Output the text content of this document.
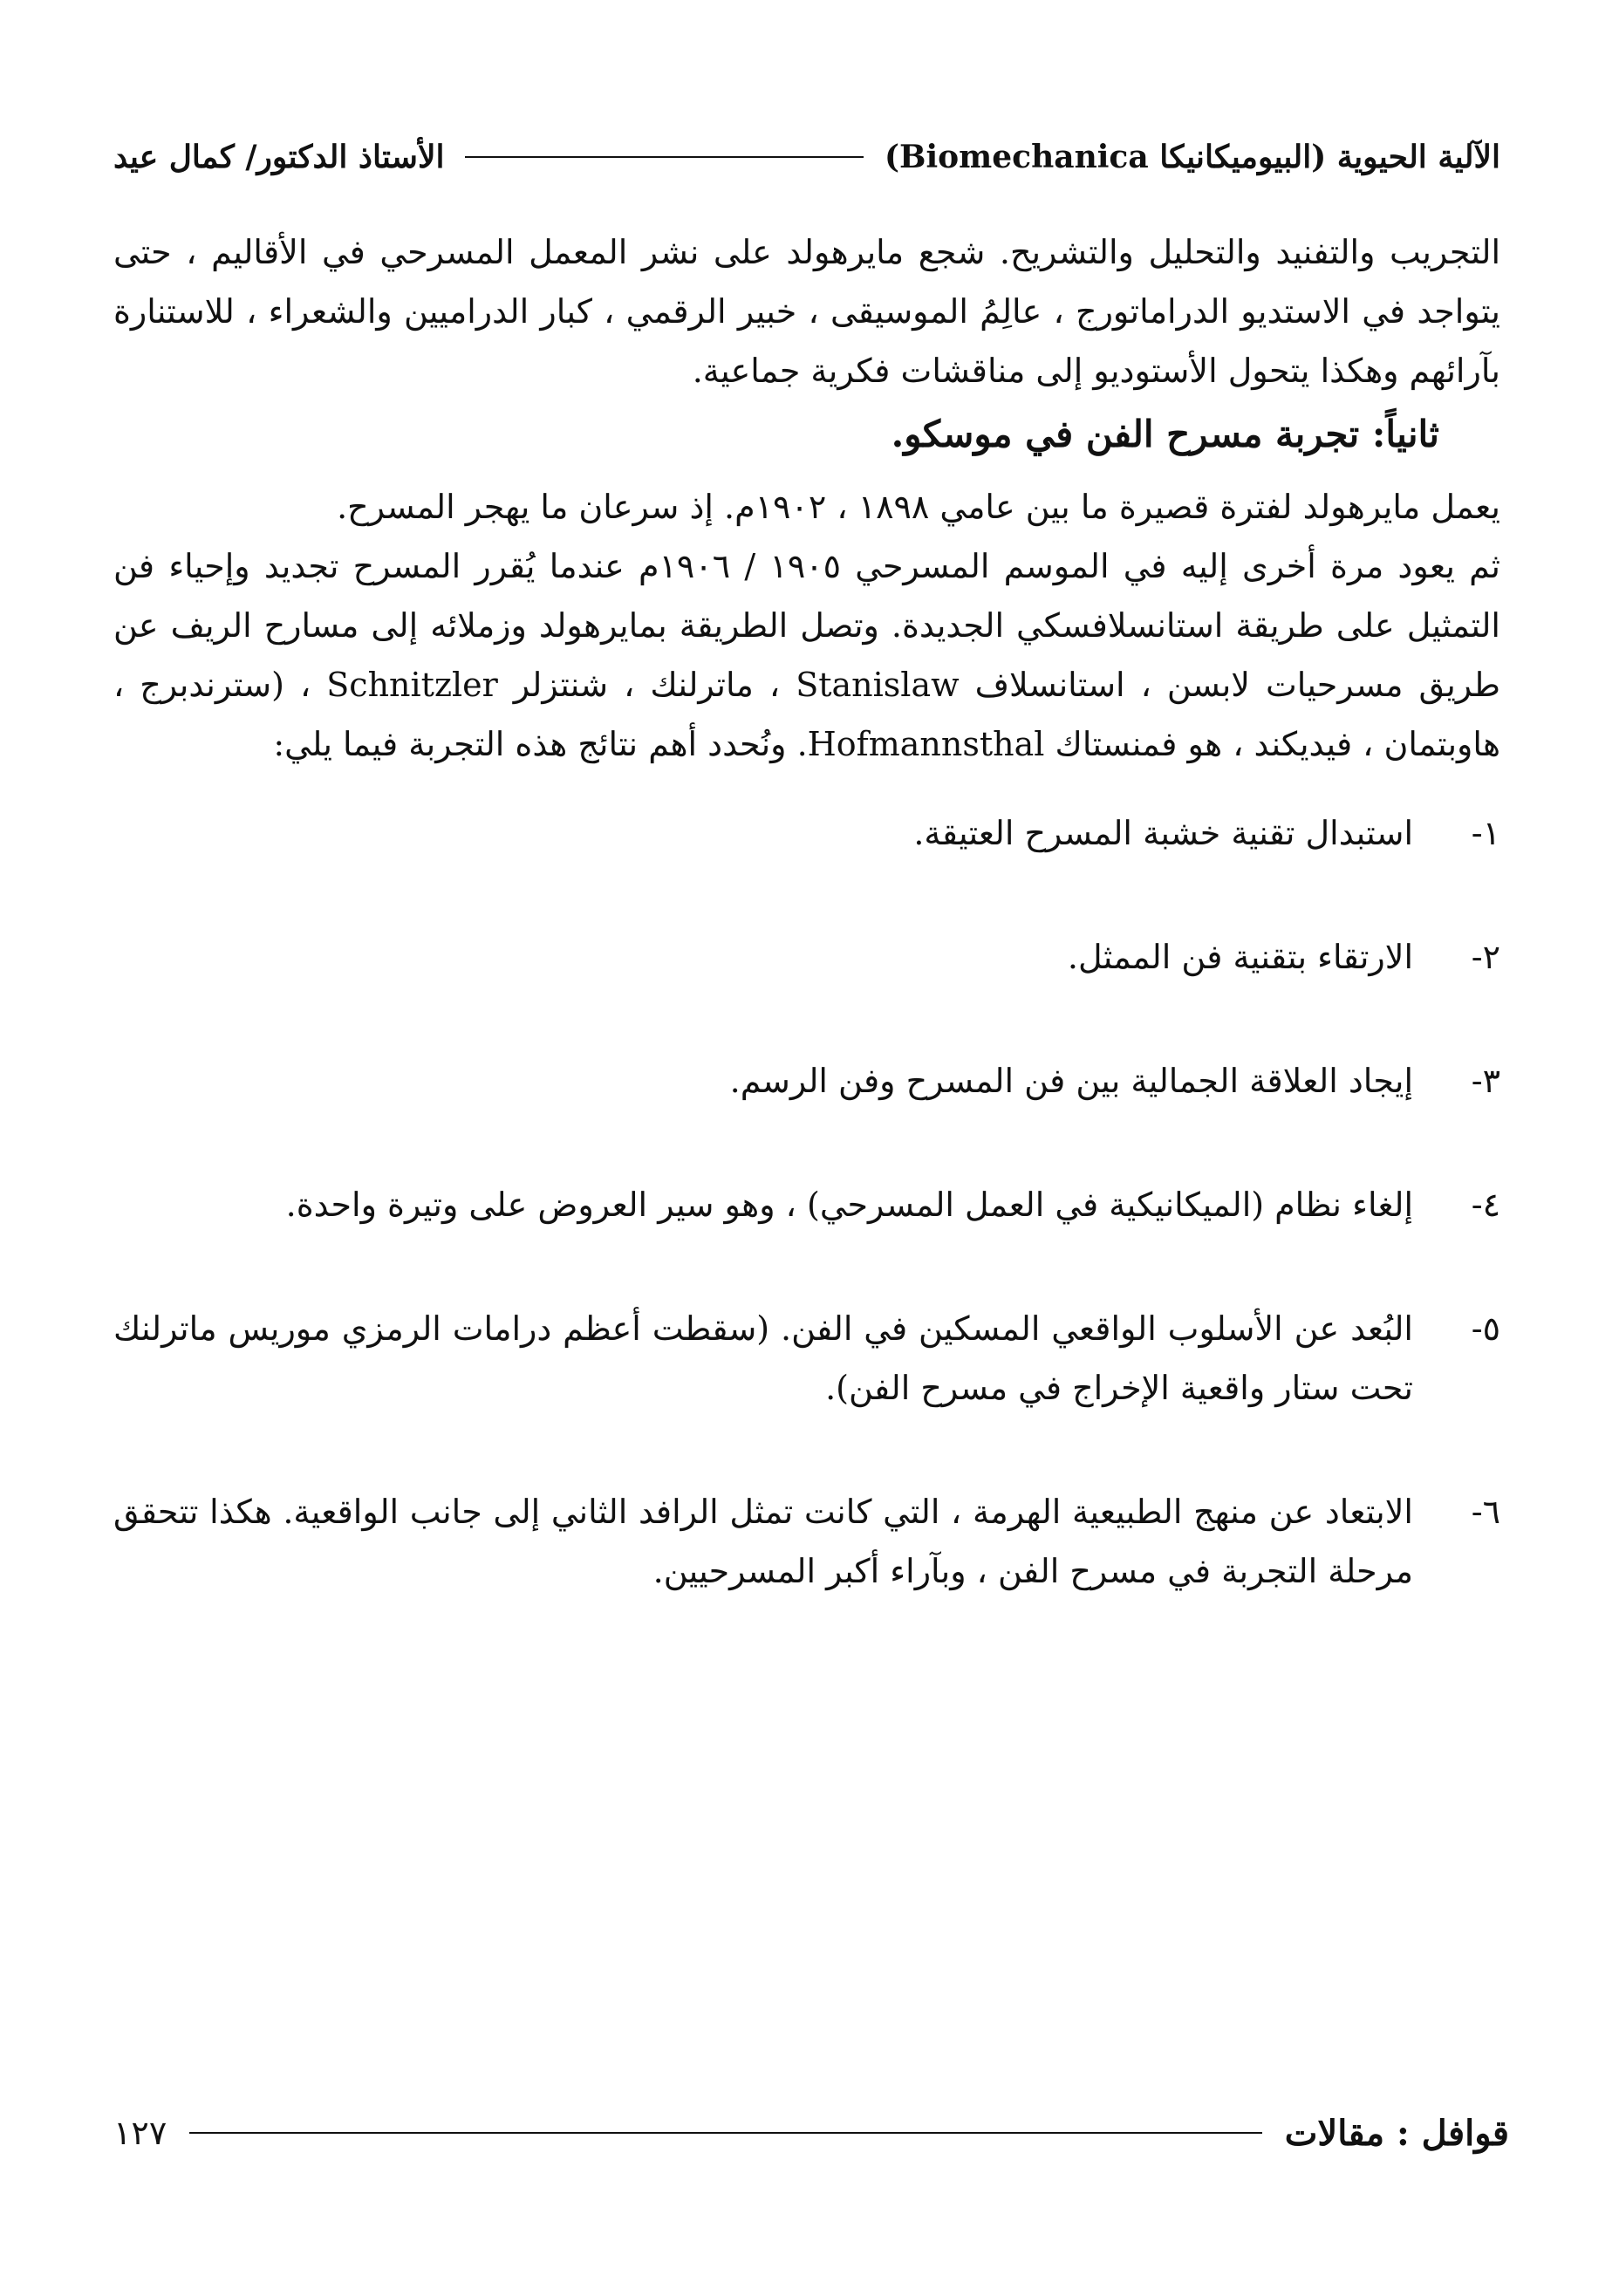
الآلية الحيوية (البيوميكانيكا Biomechanica)
الأستاذ الدكتور/ كمال عيد

التجريب والتفنيد والتحليل والتشريح. شجع مايرهولد على نشر المعمل المسرحي في الأقاليم ، حتى يتواجد في الاستديو الدراماتورج ، عالِمُ الموسيقى ، خبير الرقمي ، كبار الدراميين والشعراء ، للاستنارة بآرائهم وهكذا يتحول الأستوديو إلى مناقشات فكرية جماعية.

ثانياً: تجربة مسرح الفن في موسكو.

يعمل مايرهولد لفترة قصيرة ما بين عامي ١٨٩٨ ، ١٩٠٢م. إذ سرعان ما يهجر المسرح.

ثم يعود مرة أخرى إليه في الموسم المسرحي ١٩٠٥ / ١٩٠٦م عندما يُقرر المسرح تجديد وإحياء فن التمثيل على طريقة استانسلافسكي الجديدة. وتصل الطريقة بمايرهولد وزملائه إلى مسارح الريف عن طريق مسرحيات لابسن ، استانسلاف Stanislaw ، ماترلنك ، شنتزلر Schnitzler ، (سترندبرج ، هاوبتمان ، فيديكند ، هو فمنستاك Hofmannsthal. ونُحدد أهم نتائج هذه التجربة فيما يلي:

١-
استبدال تقنية خشبة المسرح العتيقة.
٢-
الارتقاء بتقنية فن الممثل.
٣-
إيجاد العلاقة الجمالية بين فن المسرح وفن الرسم.
٤-
إلغاء نظام (الميكانيكية في العمل المسرحي) ، وهو سير العروض على وتيرة واحدة.
٥-
البُعد عن الأسلوب الواقعي المسكين في الفن. (سقطت أعظم درامات الرمزي موريس ماترلنك تحت ستار واقعية الإخراج في مسرح الفن).
٦-
الابتعاد عن منهج الطبيعية الهرمة ، التي كانت تمثل الرافد الثاني إلى جانب الواقعية. هكذا تتحقق مرحلة التجربة في مسرح الفن ، وبآراء أكبر المسرحيين.
قوافل : مقالات
١٢٧
